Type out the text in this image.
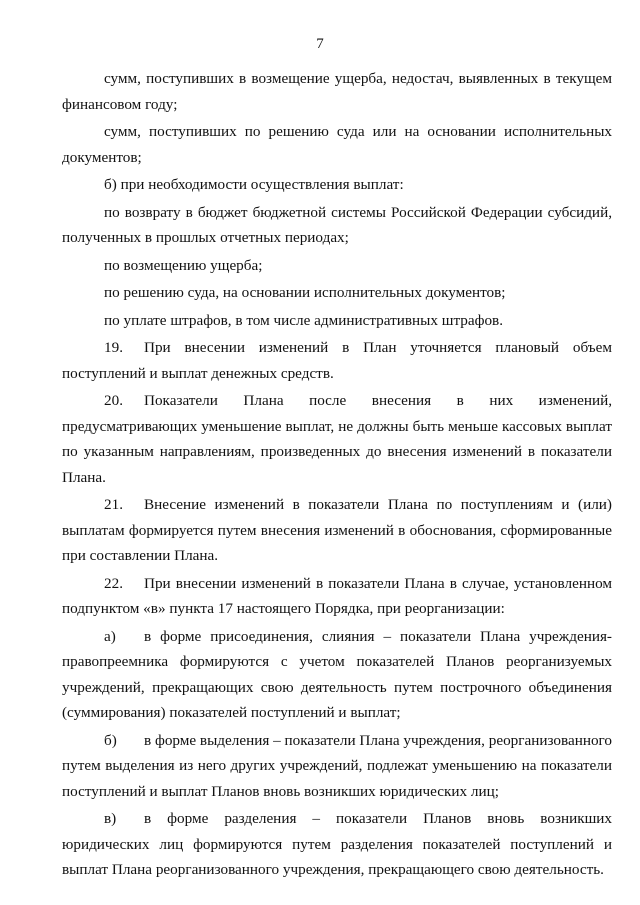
7

сумм, поступивших в возмещение ущерба, недостач, выявленных в текущем финансовом году;

сумм, поступивших по решению суда или на основании исполнительных документов;

б) при необходимости осуществления выплат:

по возврату в бюджет бюджетной системы Российской Федерации субсидий, полученных в прошлых отчетных периодах;

по возмещению ущерба;

по решению суда, на основании исполнительных документов;

по уплате штрафов, в том числе административных штрафов.

19. При внесении изменений в План уточняется плановый объем поступлений и выплат денежных средств.

20. Показатели Плана после внесения в них изменений, предусматривающих уменьшение выплат, не должны быть меньше кассовых выплат по указанным направлениям, произведенных до внесения изменений в показатели Плана.

21. Внесение изменений в показатели Плана по поступлениям и (или) выплатам формируется путем внесения изменений в обоснования, сформированные при составлении Плана.

22. При внесении изменений в показатели Плана в случае, установленном подпунктом «в» пункта 17 настоящего Порядка, при реорганизации:

а) в форме присоединения, слияния – показатели Плана учреждения-правопреемника формируются с учетом показателей Планов реорганизуемых учреждений, прекращающих свою деятельность путем построчного объединения (суммирования) показателей поступлений и выплат;

б) в форме выделения – показатели Плана учреждения, реорганизованного путем выделения из него других учреждений, подлежат уменьшению на показатели поступлений и выплат Планов вновь возникших юридических лиц;

в) в форме разделения – показатели Планов вновь возникших юридических лиц формируются путем разделения показателей поступлений и выплат Плана реорганизованного учреждения, прекращающего свою деятельность.
